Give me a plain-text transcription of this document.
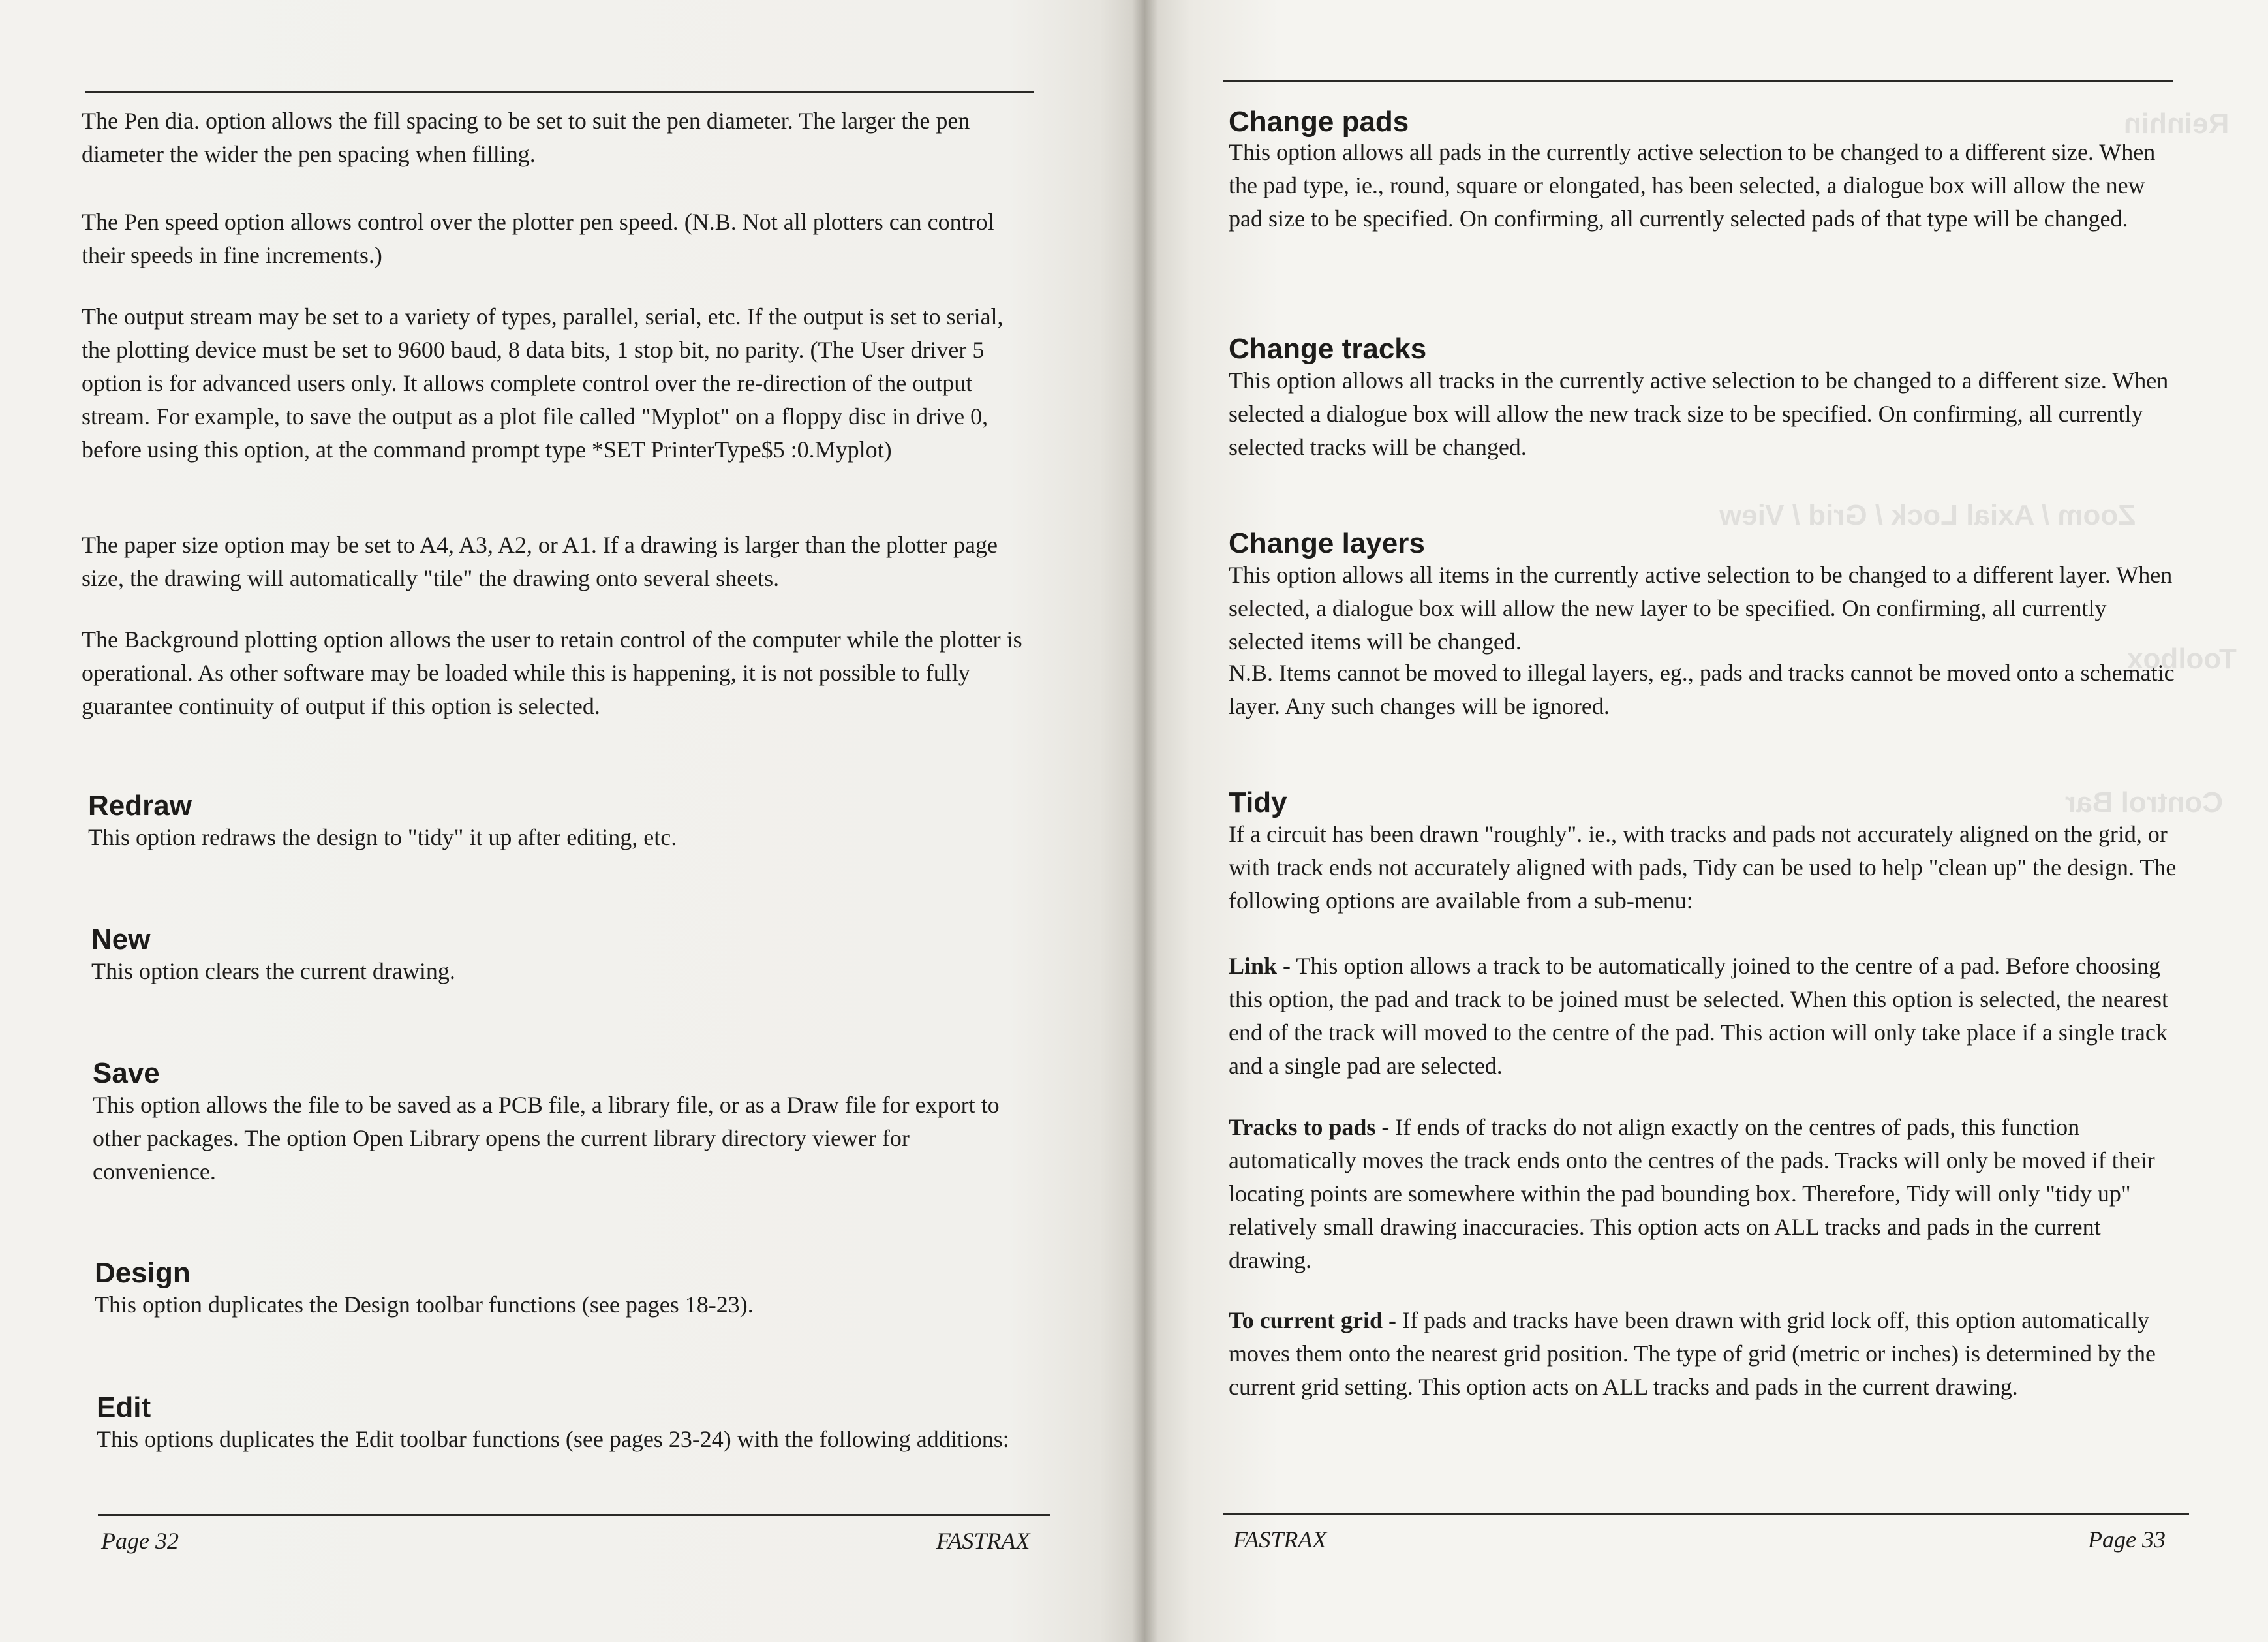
The Pen dia. option allows the fill spacing to be set to suit the pen diameter. The larger the pen diameter the wider the pen spacing when filling.

The Pen speed option allows control over the plotter pen speed. (N.B. Not all plotters can control their speeds in fine increments.)

The output stream may be set to a variety of types, parallel, serial, etc. If the output is set to serial, the plotting device must be set to 9600 baud, 8 data bits, 1 stop bit, no parity. (The User driver 5 option is for advanced users only. It allows complete control over the re-direction of the output stream. For example, to save the output as a plot file called "Myplot" on a floppy disc in drive 0, before using this option, at the command prompt type *SET PrinterType$5 :0.Myplot)

The paper size option may be set to A4, A3, A2, or A1. If a drawing is larger than the plotter page size, the drawing will automatically "tile" the drawing onto several sheets.

The Background plotting option allows the user to retain control of the computer while the plotter is operational. As other software may be loaded while this is happening, it is not possible to fully guarantee continuity of output if this option is selected.

Redraw

This option redraws the design to "tidy" it up after editing, etc.

New

This option clears the current drawing.

Save

This option allows the file to be saved as a PCB file, a library file, or as a Draw file for export to other packages. The option Open Library opens the current library directory viewer for convenience.

Design

This option duplicates the Design toolbar functions (see pages 18-23).

Edit

This options duplicates the Edit toolbar functions (see pages 23-24) with the following additions:

Page 32	FASTRAX

Reinhin
Zoom / Axial Lock / Grid / View
Toolbox
Control Bar
Change pads

This option allows all pads in the currently active selection to be changed to a different size. When the pad type, ie., round, square or elongated, has been selected, a dialogue box will allow the new pad size to be specified. On confirming, all currently selected pads of that type will be changed.

Change tracks

This option allows all tracks in the currently active selection to be changed to a different size. When selected a dialogue box will allow the new track size to be specified. On confirming, all currently selected tracks will be changed.

Change layers

This option allows all items in the currently active selection to be changed to a different layer. When selected, a dialogue box will allow the new layer to be specified. On confirming, all currently selected items will be changed.

N.B. Items cannot be moved to illegal layers, eg., pads and tracks cannot be moved onto a schematic layer. Any such changes will be ignored.

Tidy

If a circuit has been drawn "roughly". ie., with tracks and pads not accurately aligned on the grid, or with track ends not accurately aligned with pads, Tidy can be used to help "clean up" the design. The following options are available from a sub-menu:

Link - This option allows a track to be automatically joined to the centre of a pad. Before choosing this option, the pad and track to be joined must be selected. When this option is selected, the nearest end of the track will moved to the centre of the pad. This action will only take place if a single track and a single pad are selected.

Tracks to pads - If ends of tracks do not align exactly on the centres of pads, this function automatically moves the track ends onto the centres of the pads. Tracks will only be moved if their locating points are somewhere within the pad bounding box. Therefore, Tidy will only "tidy up" relatively small drawing inaccuracies. This option acts on ALL tracks and pads in the current drawing.

To current grid - If pads and tracks have been drawn with grid lock off, this option automatically moves them onto the nearest grid position. The type of grid (metric or inches) is determined by the current grid setting. This option acts on ALL tracks and pads in the current drawing.

FASTRAX	Page 33
